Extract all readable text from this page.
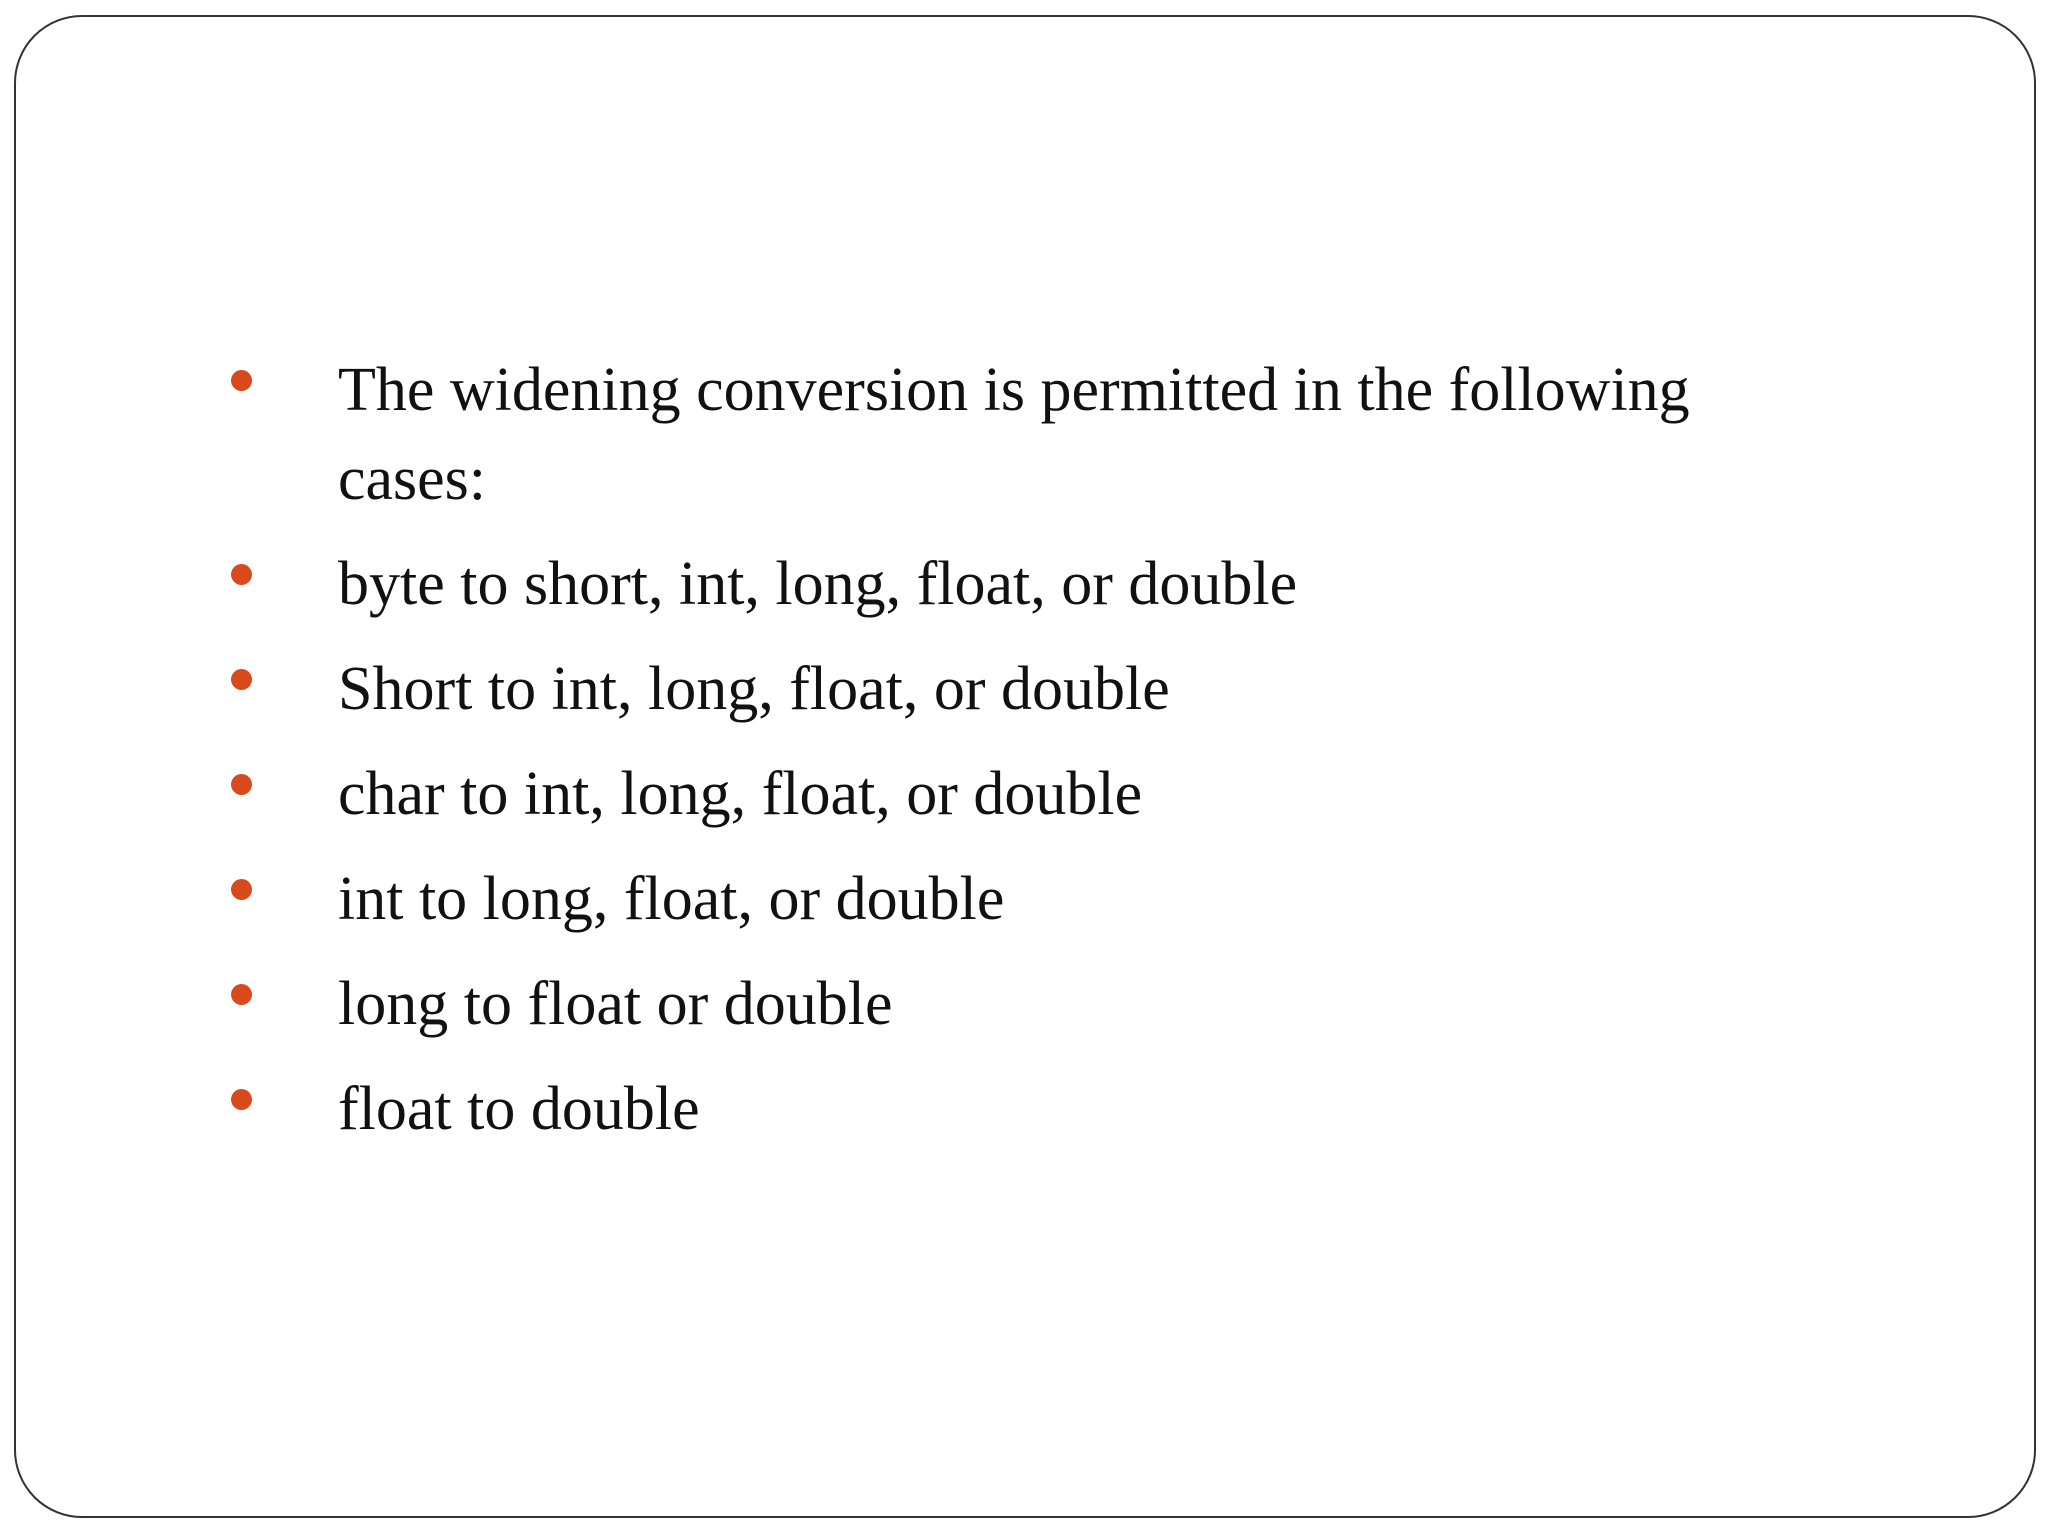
The widening conversion is permitted in the following cases:
byte to short, int, long, float, or double
Short to int, long, float, or double
char to int, long, float, or double
int to long, float, or double
long to float or double
float to double
